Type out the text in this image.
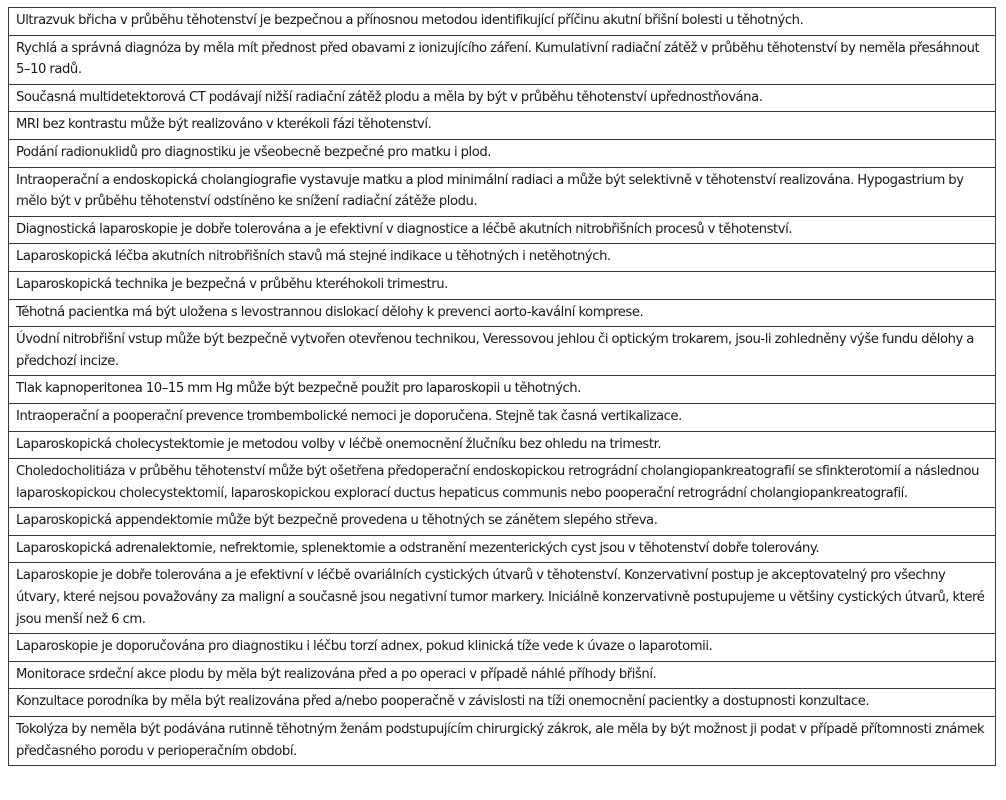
Ultrazvuk břicha v průběhu těhotenství je bezpečnou a přínosnou metodou identifikující příčinu akutní břišní bolesti u těhotných.
Rychlá a správná diagnóza by měla mít přednost před obavami z ionizujícího záření. Kumulativní radiační zátěž v průběhu těhotenství by neměla přesáhnout 5–10 radů.
Současná multidetektorová CT podávají nižší radiační zátěž plodu a měla by být v průběhu těhotenství upřednostňována.
MRI bez kontrastu může být realizováno v kterékoli fázi těhotenství.
Podání radionuklidů pro diagnostiku je všeobecně bezpečné pro matku i plod.
Intraoperační a endoskopická cholangiografie vystavuje matku a plod minimální radiaci a může být selektivně v těhotenství realizována. Hypogastrium by mělo být v průběhu těhotenství odstíněno ke snížení radiační zátěže plodu.
Diagnostická laparoskopie je dobře tolerována a je efektivní v diagnostice a léčbě akutních nitrobřišních procesů v těhotenství.
Laparoskopická léčba akutních nitrobřišních stavů má stejné indikace u těhotných i netěhotných.
Laparoskopická technika je bezpečná v průběhu kteréhokoli trimestru.
Těhotná pacientka má být uložena s levostrannou dislokací dělohy k prevenci aorto-kavální komprese.
Úvodní nitrobřišní vstup může být bezpečně vytvořen otevřenou technikou, Veressovou jehlou či optickým trokarem, jsou-li zohledněny výše fundu dělohy a předchozí incize.
Tlak kapnoperitonea 10–15 mm Hg může být bezpečně použit pro laparoskopii u těhotných.
Intraoperační a pooperační prevence trombembolické nemoci je doporučena. Stejně tak časná vertikalizace.
Laparoskopická cholecystektomie je metodou volby v léčbě onemocnění žlučníku bez ohledu na trimestr.
Choledocholitiáza v průběhu těhotenství může být ošetřena předoperační endoskopickou retrográdní cholangiopankreatografií se sfinkterotomií a následnou laparoskopickou cholecystektomií, laparoskopickou explorací ductus hepaticus communis nebo pooperační retrográdní cholangiopankreatografií.
Laparoskopická appendektomie může být bezpečně provedena u těhotných se zánětem slepého střeva.
Laparoskopická adrenalektomie, nefrektomie, splenektomie a odstranění mezenterických cyst jsou v těhotenství dobře tolerovány.
Laparoskopie je dobře tolerována a je efektivní v léčbě ovariálních cystických útvarů v těhotenství. Konzervativní postup je akceptovatelný pro všechny útvary, které nejsou považovány za maligní a současně jsou negativní tumor markery. Iniciálně konzervativně postupujeme u většiny cystických útvarů, které jsou menší než 6 cm.
Laparoskopie je doporučována pro diagnostiku i léčbu torzí adnex, pokud klinická tíže vede k úvaze o laparotomii.
Monitorace srdeční akce plodu by měla být realizována před a po operaci v případě náhlé příhody břišní.
Konzultace porodníka by měla být realizována před a/nebo pooperačně v závislosti na tíži onemocnění pacientky a dostupnosti konzultace.
Tokolýza by neměla být podávána rutinně těhotným ženám podstupujícím chirurgický zákrok, ale měla by být možnost ji podat v případě přítomnosti známek předčasného porodu v perioperačním období.
